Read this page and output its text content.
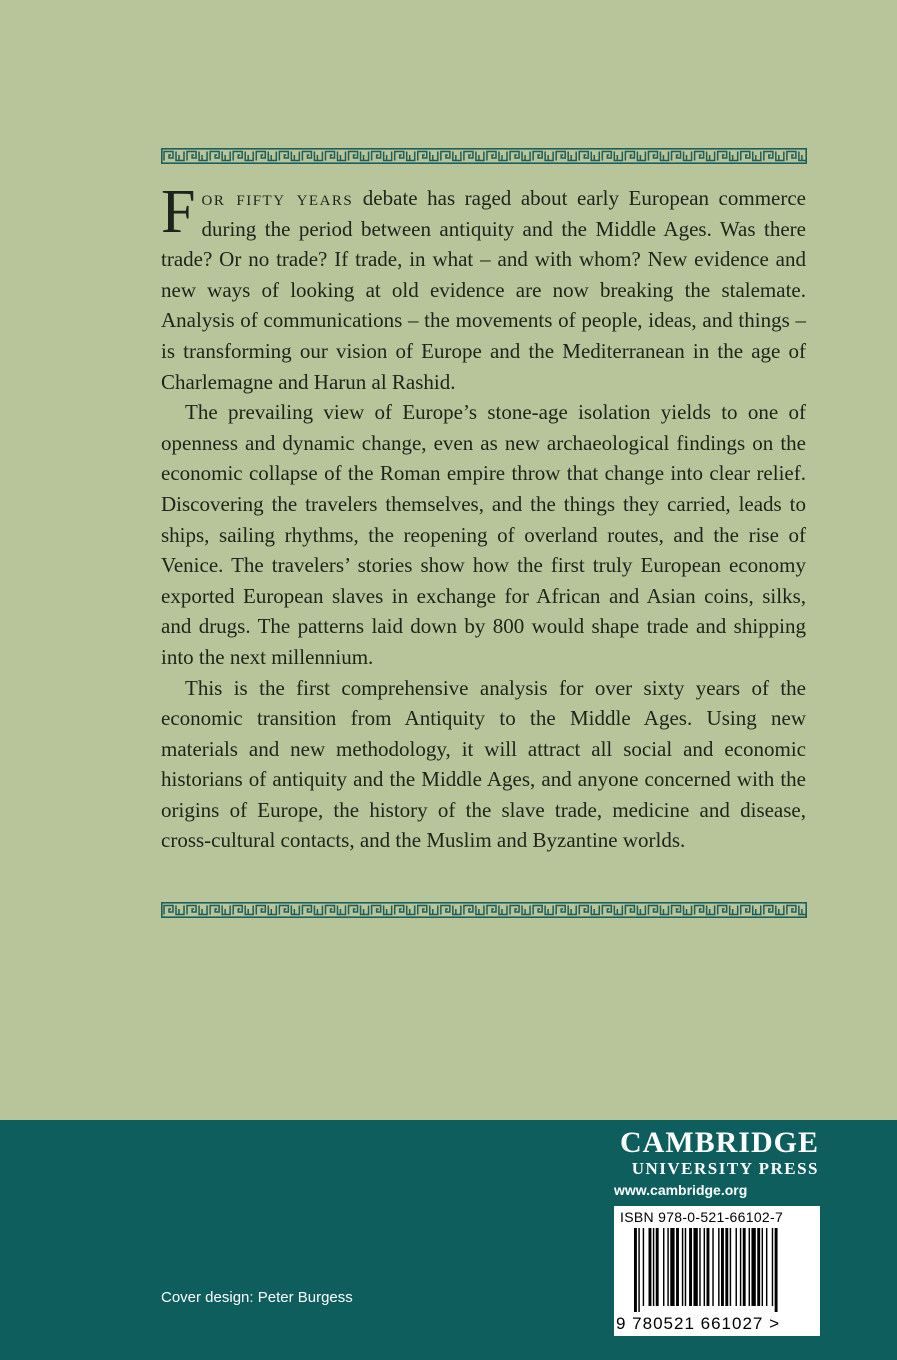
For fifty years debate has raged about early European commerce during the period between antiquity and the Middle Ages. Was there trade? Or no trade? If trade, in what – and with whom? New evidence and new ways of looking at old evidence are now breaking the stalemate. Analysis of communications – the movements of people, ideas, and things – is transforming our vision of Europe and the Mediterranean in the age of Charlemagne and Harun al Rashid.

The prevailing view of Europe’s stone-age isolation yields to one of openness and dynamic change, even as new archaeological findings on the economic collapse of the Roman empire throw that change into clear relief. Discovering the travelers themselves, and the things they carried, leads to ships, sailing rhythms, the reopening of overland routes, and the rise of Venice. The travelers’ stories show how the first truly European economy exported European slaves in exchange for African and Asian coins, silks, and drugs. The patterns laid down by 800 would shape trade and shipping into the next millennium.

This is the first comprehensive analysis for over sixty years of the economic transition from Antiquity to the Middle Ages. Using new materials and new methodology, it will attract all social and economic historians of antiquity and the Middle Ages, and anyone concerned with the origins of Europe, the history of the slave trade, medicine and disease, cross-cultural contacts, and the Muslim and Byzantine worlds.

CAMBRIDGE
UNIVERSITY PRESS
www.cambridge.org
ISBN 978-0-521-66102-7
9 780521 661027 >
Cover design: Peter Burgess
